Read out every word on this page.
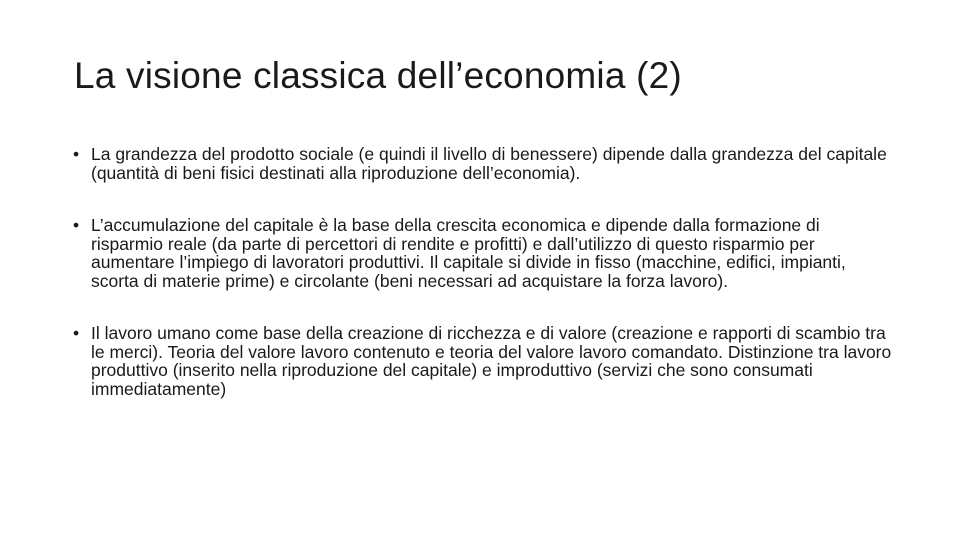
La visione classica dell’economia (2)
• La grandezza del prodotto sociale (e quindi il livello di benessere) dipende dalla grandezza del capitale (quantità di beni fisici destinati alla riproduzione dell’economia).
• L’accumulazione del capitale è la base della crescita economica e dipende dalla formazione di risparmio reale (da parte di percettori di rendite e profitti) e dall’utilizzo di questo risparmio per aumentare l’impiego di lavoratori produttivi. Il capitale si divide in fisso (macchine, edifici, impianti, scorta di materie prime) e circolante (beni necessari ad acquistare la forza lavoro).
• Il lavoro umano come base della creazione di ricchezza e di valore (creazione e rapporti di scambio tra le merci). Teoria del valore lavoro contenuto e teoria del valore lavoro comandato. Distinzione tra lavoro produttivo (inserito nella riproduzione del capitale) e improduttivo (servizi che sono consumati immediatamente)
